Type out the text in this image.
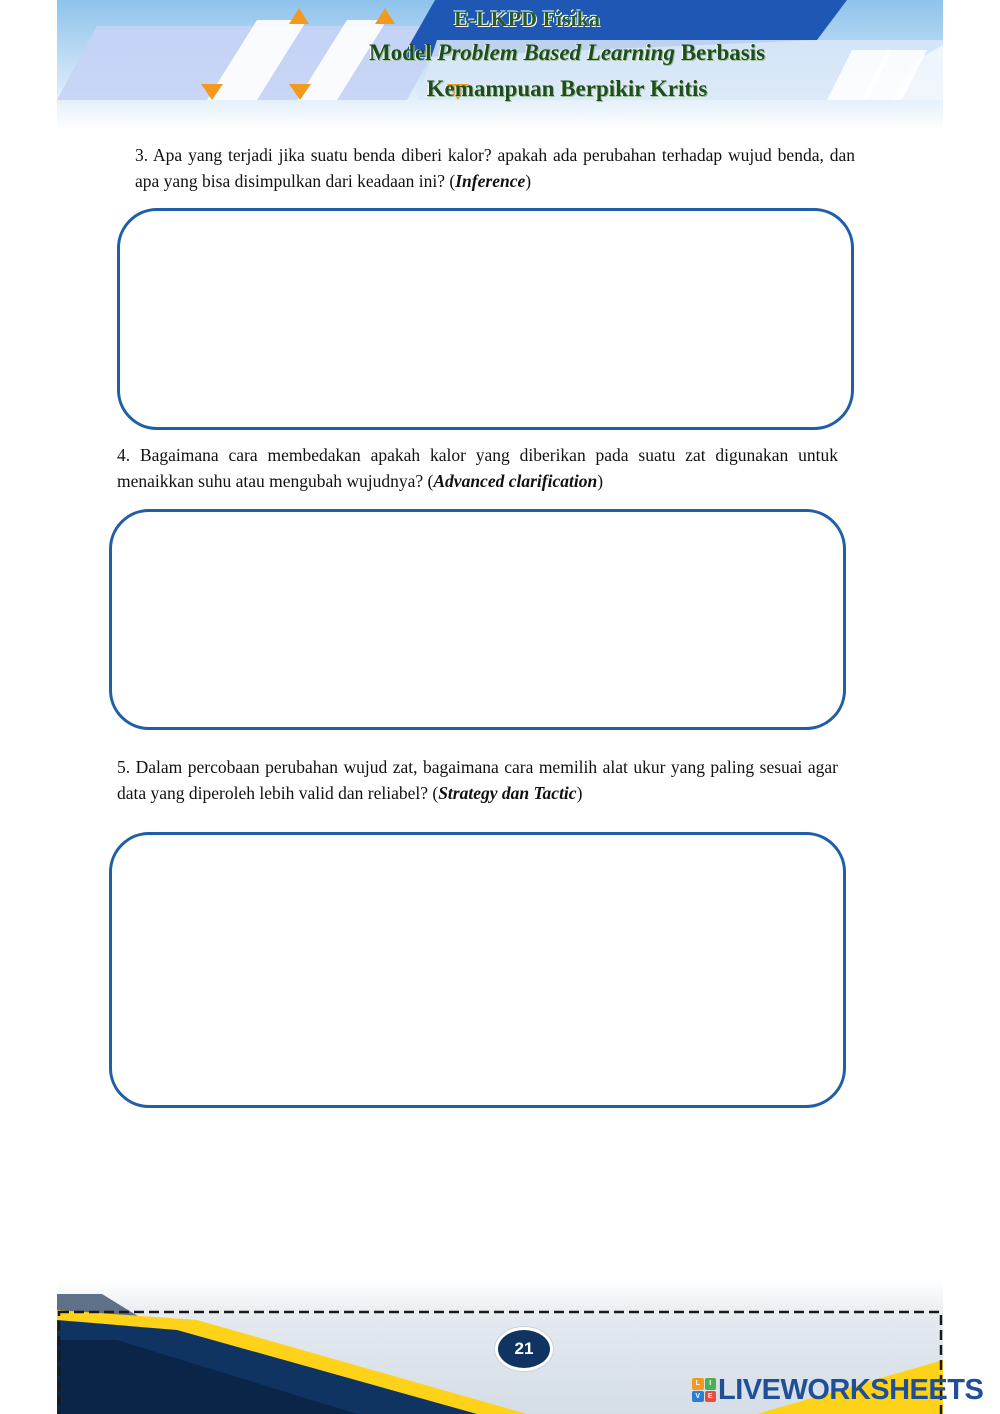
E-LKPD Fisika
Model Problem Based Learning Berbasis
Kemampuan Berpikir Kritis
3. Apa yang terjadi jika suatu benda diberi kalor? apakah ada perubahan terhadap wujud benda, dan apa yang bisa disimpulkan dari keadaan ini? (Inference)
4. Bagaimana cara membedakan apakah kalor yang diberikan pada suatu zat digunakan untuk menaikkan suhu atau mengubah wujudnya? (Advanced clarification)
5. Dalam percobaan perubahan wujud zat, bagaimana cara memilih alat ukur yang paling sesuai agar data yang diperoleh lebih valid dan reliabel? (Strategy dan Tactic)
21
L	I
V	E LIVEWORKSHEETS
